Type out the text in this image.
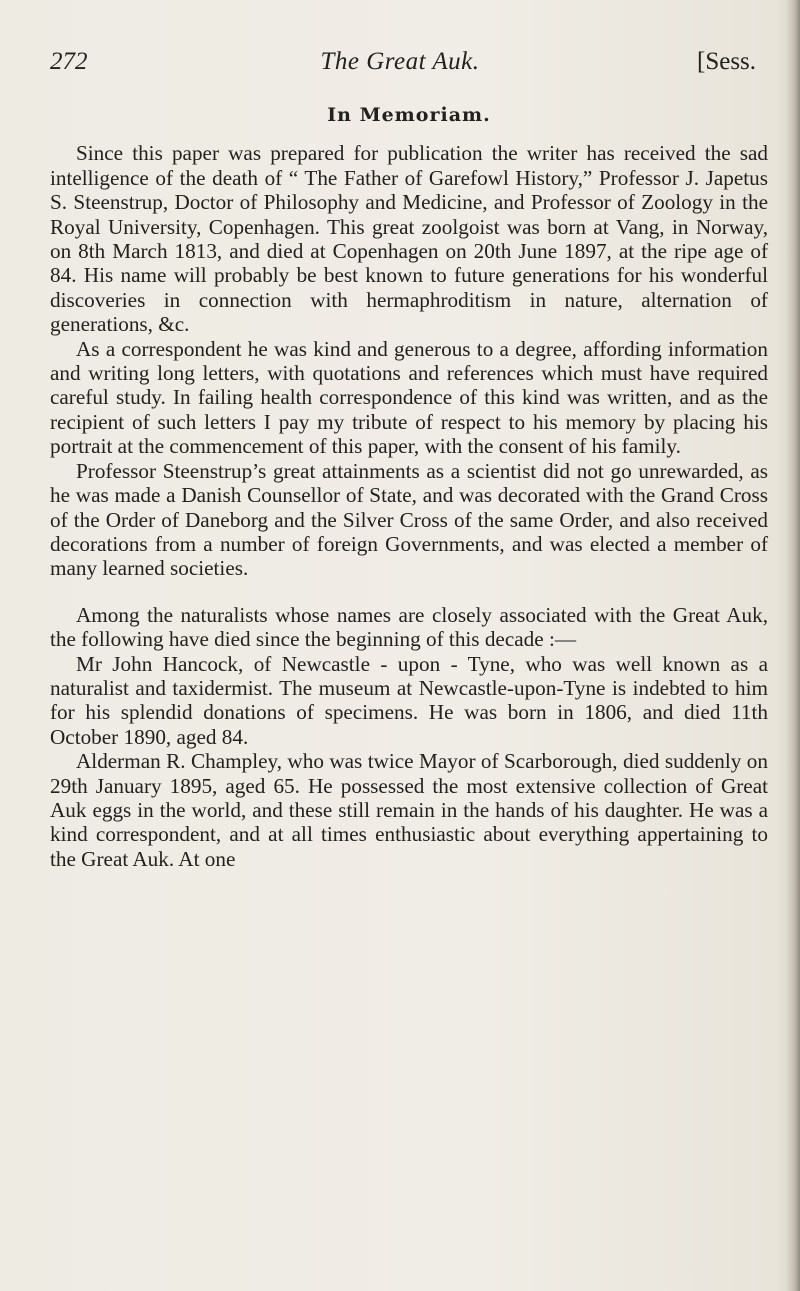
272	The Great Auk.	[Sess.
In Memoriam.

Since this paper was prepared for publication the writer has received the sad intelligence of the death of “ The Father of Garefowl History,” Professor J. Japetus S. Steenstrup, Doctor of Philosophy and Medicine, and Professor of Zoology in the Royal University, Copenhagen. This great zoolgoist was born at Vang, in Norway, on 8th March 1813, and died at Copenhagen on 20th June 1897, at the ripe age of 84. His name will probably be best known to future generations for his wonderful discoveries in connection with hermaphroditism in nature, alternation of generations, &c.

As a correspondent he was kind and generous to a degree, affording information and writing long letters, with quotations and references which must have required careful study. In failing health correspondence of this kind was written, and as the recipient of such letters I pay my tribute of respect to his memory by placing his portrait at the commencement of this paper, with the consent of his family.

Professor Steenstrup’s great attainments as a scientist did not go unrewarded, as he was made a Danish Counsellor of State, and was decorated with the Grand Cross of the Order of Daneborg and the Silver Cross of the same Order, and also received decorations from a number of foreign Governments, and was elected a member of many learned societies.

Among the naturalists whose names are closely associated with the Great Auk, the following have died since the beginning of this decade :—

Mr John Hancock, of Newcastle - upon - Tyne, who was well known as a naturalist and taxidermist. The museum at Newcastle-upon-Tyne is indebted to him for his splendid donations of specimens. He was born in 1806, and died 11th October 1890, aged 84.

Alderman R. Champley, who was twice Mayor of Scarborough, died suddenly on 29th January 1895, aged 65. He possessed the most extensive collection of Great Auk eggs in the world, and these still remain in the hands of his daughter. He was a kind correspondent, and at all times enthusiastic about everything appertaining to the Great Auk. At one
